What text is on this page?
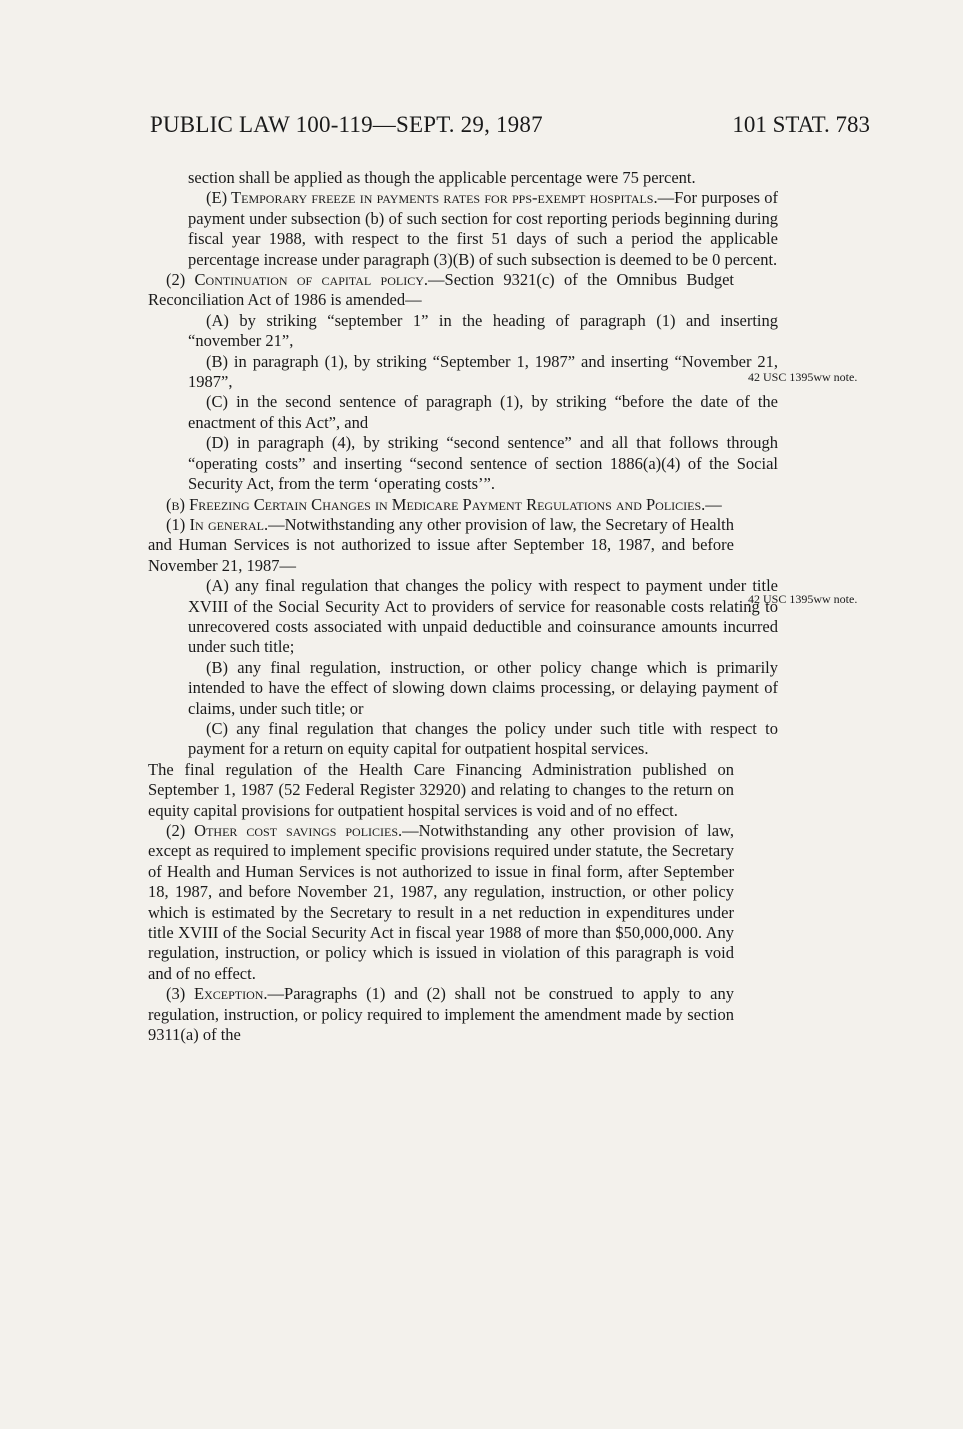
PUBLIC LAW 100-119—SEPT. 29, 1987	101 STAT. 783

section shall be applied as though the applicable percentage were 75 percent.

(E) Temporary freeze in payments rates for pps-exempt hospitals.—For purposes of payment under subsection (b) of such section for cost reporting periods beginning during fiscal year 1988, with respect to the first 51 days of such a period the applicable percentage increase under paragraph (3)(B) of such subsection is deemed to be 0 percent.

(2) Continuation of capital policy.—Section 9321(c) of the Omnibus Budget Reconciliation Act of 1986 is amended—

(A) by striking “september 1” in the heading of paragraph (1) and inserting “november 21”,

(B) in paragraph (1), by striking “September 1, 1987” and inserting “November 21, 1987”,

(C) in the second sentence of paragraph (1), by striking “before the date of the enactment of this Act”, and

(D) in paragraph (4), by striking “second sentence” and all that follows through “operating costs” and inserting “second sentence of section 1886(a)(4) of the Social Security Act, from the term ‘operating costs’”.

(b) Freezing Certain Changes in Medicare Payment Regulations and Policies.—

(1) In general.—Notwithstanding any other provision of law, the Secretary of Health and Human Services is not authorized to issue after September 18, 1987, and before November 21, 1987—

(A) any final regulation that changes the policy with respect to payment under title XVIII of the Social Security Act to providers of service for reasonable costs relating to unrecovered costs associated with unpaid deductible and coinsurance amounts incurred under such title;

(B) any final regulation, instruction, or other policy change which is primarily intended to have the effect of slowing down claims processing, or delaying payment of claims, under such title; or

(C) any final regulation that changes the policy under such title with respect to payment for a return on equity capital for outpatient hospital services.

The final regulation of the Health Care Financing Administration published on September 1, 1987 (52 Federal Register 32920) and relating to changes to the return on equity capital provisions for outpatient hospital services is void and of no effect.

(2) Other cost savings policies.—Notwithstanding any other provision of law, except as required to implement specific provisions required under statute, the Secretary of Health and Human Services is not authorized to issue in final form, after September 18, 1987, and before November 21, 1987, any regulation, instruction, or other policy which is estimated by the Secretary to result in a net reduction in expenditures under title XVIII of the Social Security Act in fiscal year 1988 of more than $50,000,000. Any regulation, instruction, or policy which is issued in violation of this paragraph is void and of no effect.

(3) Exception.—Paragraphs (1) and (2) shall not be construed to apply to any regulation, instruction, or policy required to implement the amendment made by section 9311(a) of the

42 USC 1395ww note.
42 USC 1395ww note.
